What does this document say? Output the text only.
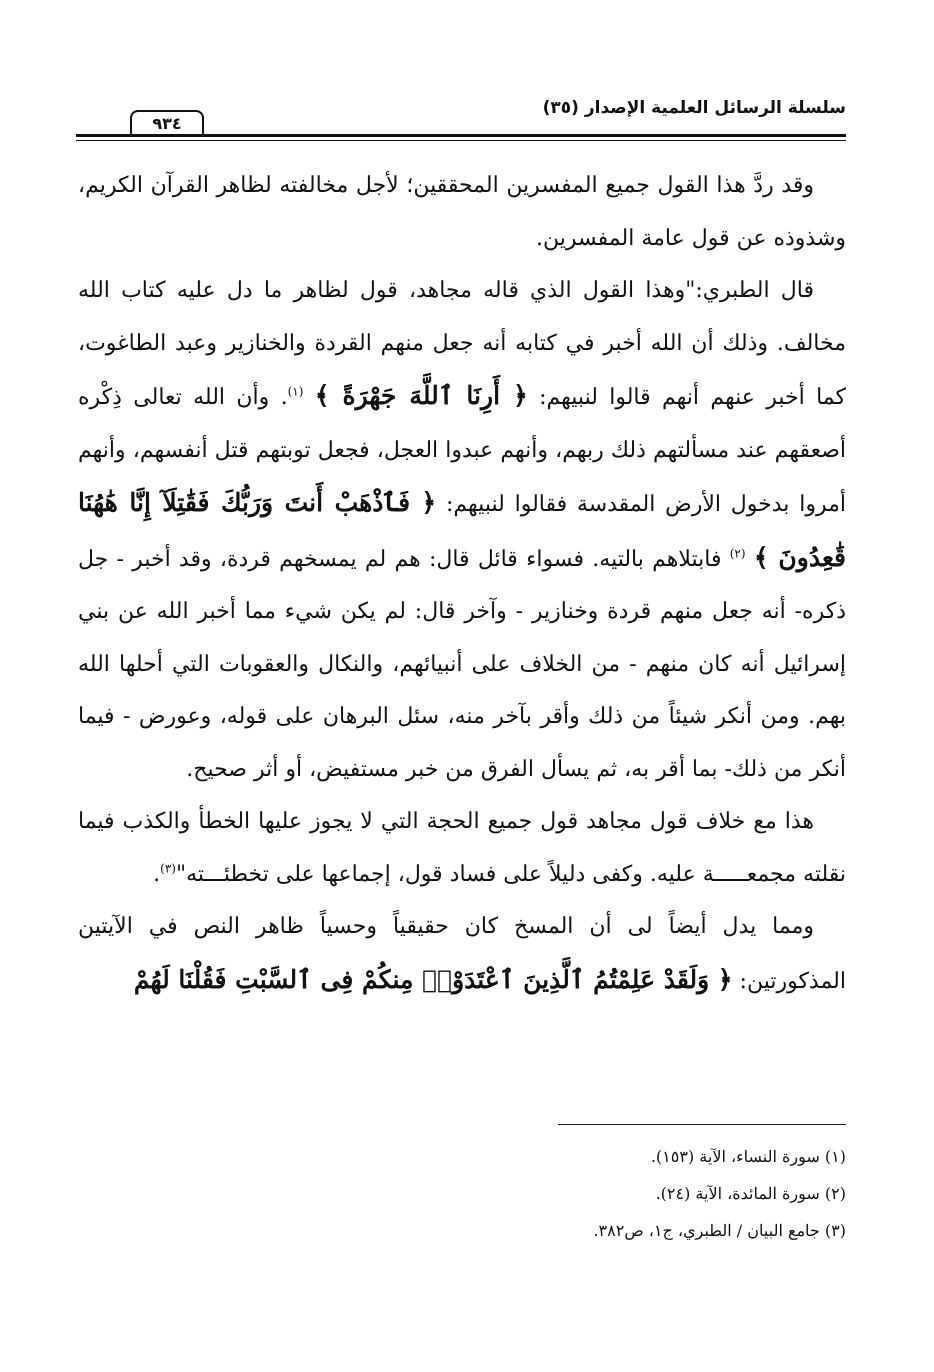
سلسلة الرسائل العلمية الإصدار (٣٥)
٩٣٤

وقد ردَّ هذا القول جميع المفسرين المحققين؛ لأجل مخالفته لظاهر القرآن الكريم، وشذوذه عن قول عامة المفسرين.

قال الطبري:"وهذا القول الذي قاله مجاهد، قول لظاهر ما دل عليه كتاب الله مخالف. وذلك أن الله أخبر في كتابه أنه جعل منهم القردة والخنازير وعبد الطاغوت، كما أخبر عنهم أنهم قالوا لنبيهم: ﴿ أَرِنَا ٱللَّهَ جَهْرَةً ﴾ $^{(١)}$. وأن الله تعالى ذِكْره أصعقهم عند مسألتهم ذلك ربهم، وأنهم عبدوا العجل، فجعل توبتهم قتل أنفسهم، وأنهم أمروا بدخول الأرض المقدسة فقالوا لنبيهم: ﴿ فَٱذْهَبْ أَنتَ وَرَبُّكَ فَقَٰتِلَآ إِنَّا هَٰهُنَا قَٰعِدُونَ ﴾ $^{(٢)}$ فابتلاهم بالتيه. فسواء قائل قال: هم لم يمسخهم قردة، وقد أخبر - جل ذكره- أنه جعل منهم قردة وخنازير - وآخر قال: لم يكن شيء مما أخبر الله عن بني إسرائيل أنه كان منهم - من الخلاف على أنبيائهم، والنكال والعقوبات التي أحلها الله بهم. ومن أنكر شيئاً من ذلك وأقر بآخر منه، سئل البرهان على قوله، وعورض - فيما أنكر من ذلك- بما أقر به، ثم يسأل الفرق من خبر مستفيض، أو أثر صحيح.

هذا مع خلاف قول مجاهد قول جميع الحجة التي لا يجوز عليها الخطأ والكذب فيما نقلته مجمعـــــة عليه. وكفى دليلاً على فساد قول، إجماعها على تخطئـــته"$^{(٣)}$.

ومما يدل أيضاً لى أن المسخ كان حقيقياً وحسياً ظاهر النص في الآيتين المذكورتين: ﴿ وَلَقَدْ عَلِمْتُمُ ٱلَّذِينَ ٱعْتَدَوْا۟ مِنكُمْ فِى ٱلسَّبْتِ فَقُلْنَا لَهُمْ

(١) سورة النساء، الآية (١٥٣).

(٢) سورة المائدة، الآية (٢٤).

(٣) جامع البيان / الطبري، ج١، ص٣٨٢.
